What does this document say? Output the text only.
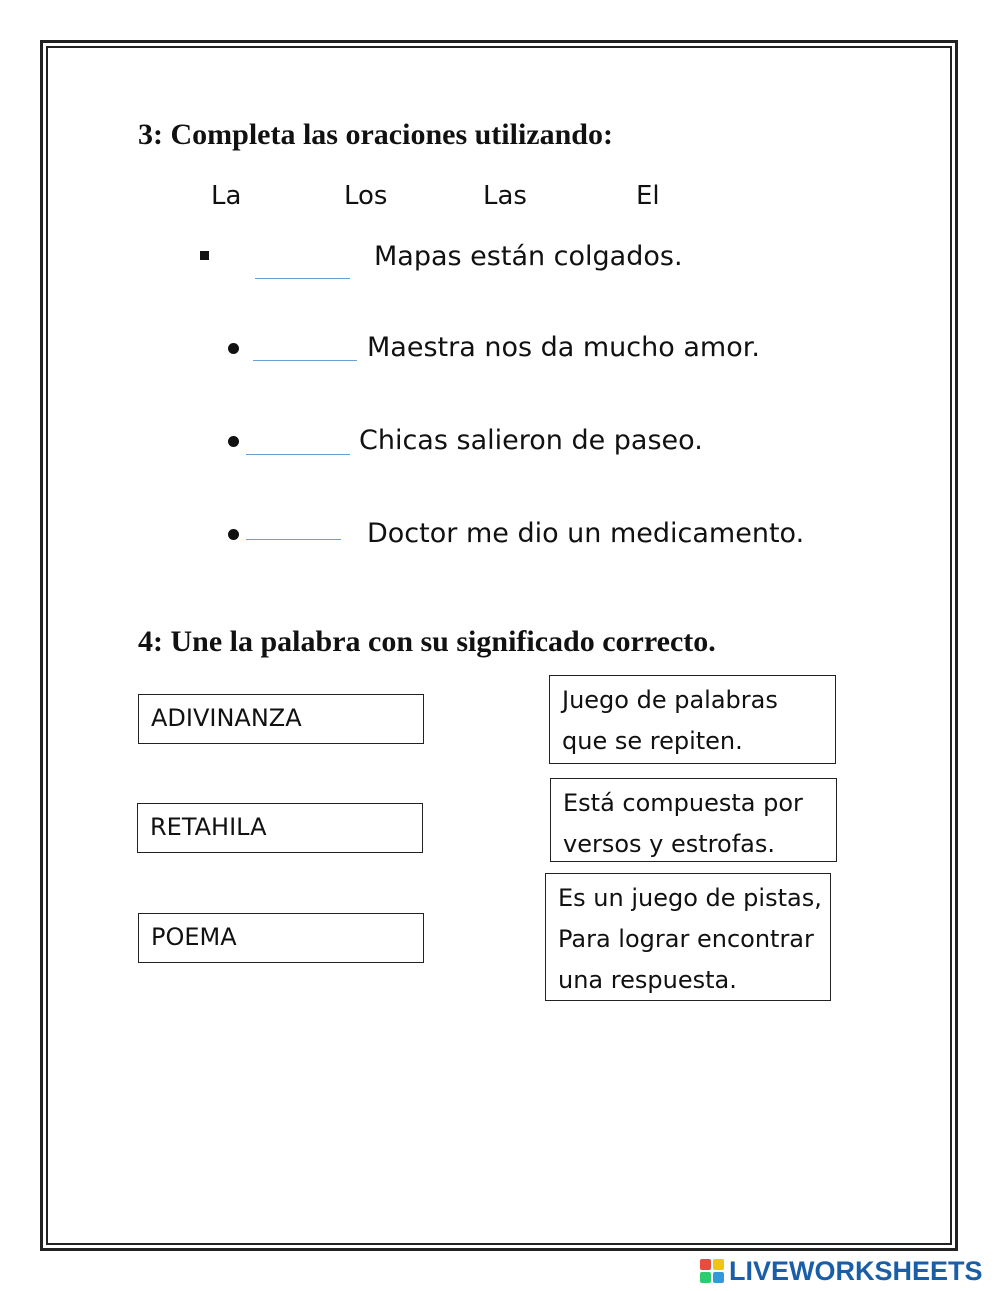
3: Completa las oraciones utilizando:
La	Los	Las	El
Mapas están colgados.
Maestra nos da mucho amor.
Chicas salieron de paseo.
Doctor me dio un medicamento.
4: Une la palabra con su significado correcto.
ADIVINANZA
RETAHILA
POEMA
Juego de palabras
que se repiten.
Está compuesta por
versos y estrofas.
Es un juego de pistas,
Para lograr encontrar
una respuesta.
LIVEWORKSHEETS
